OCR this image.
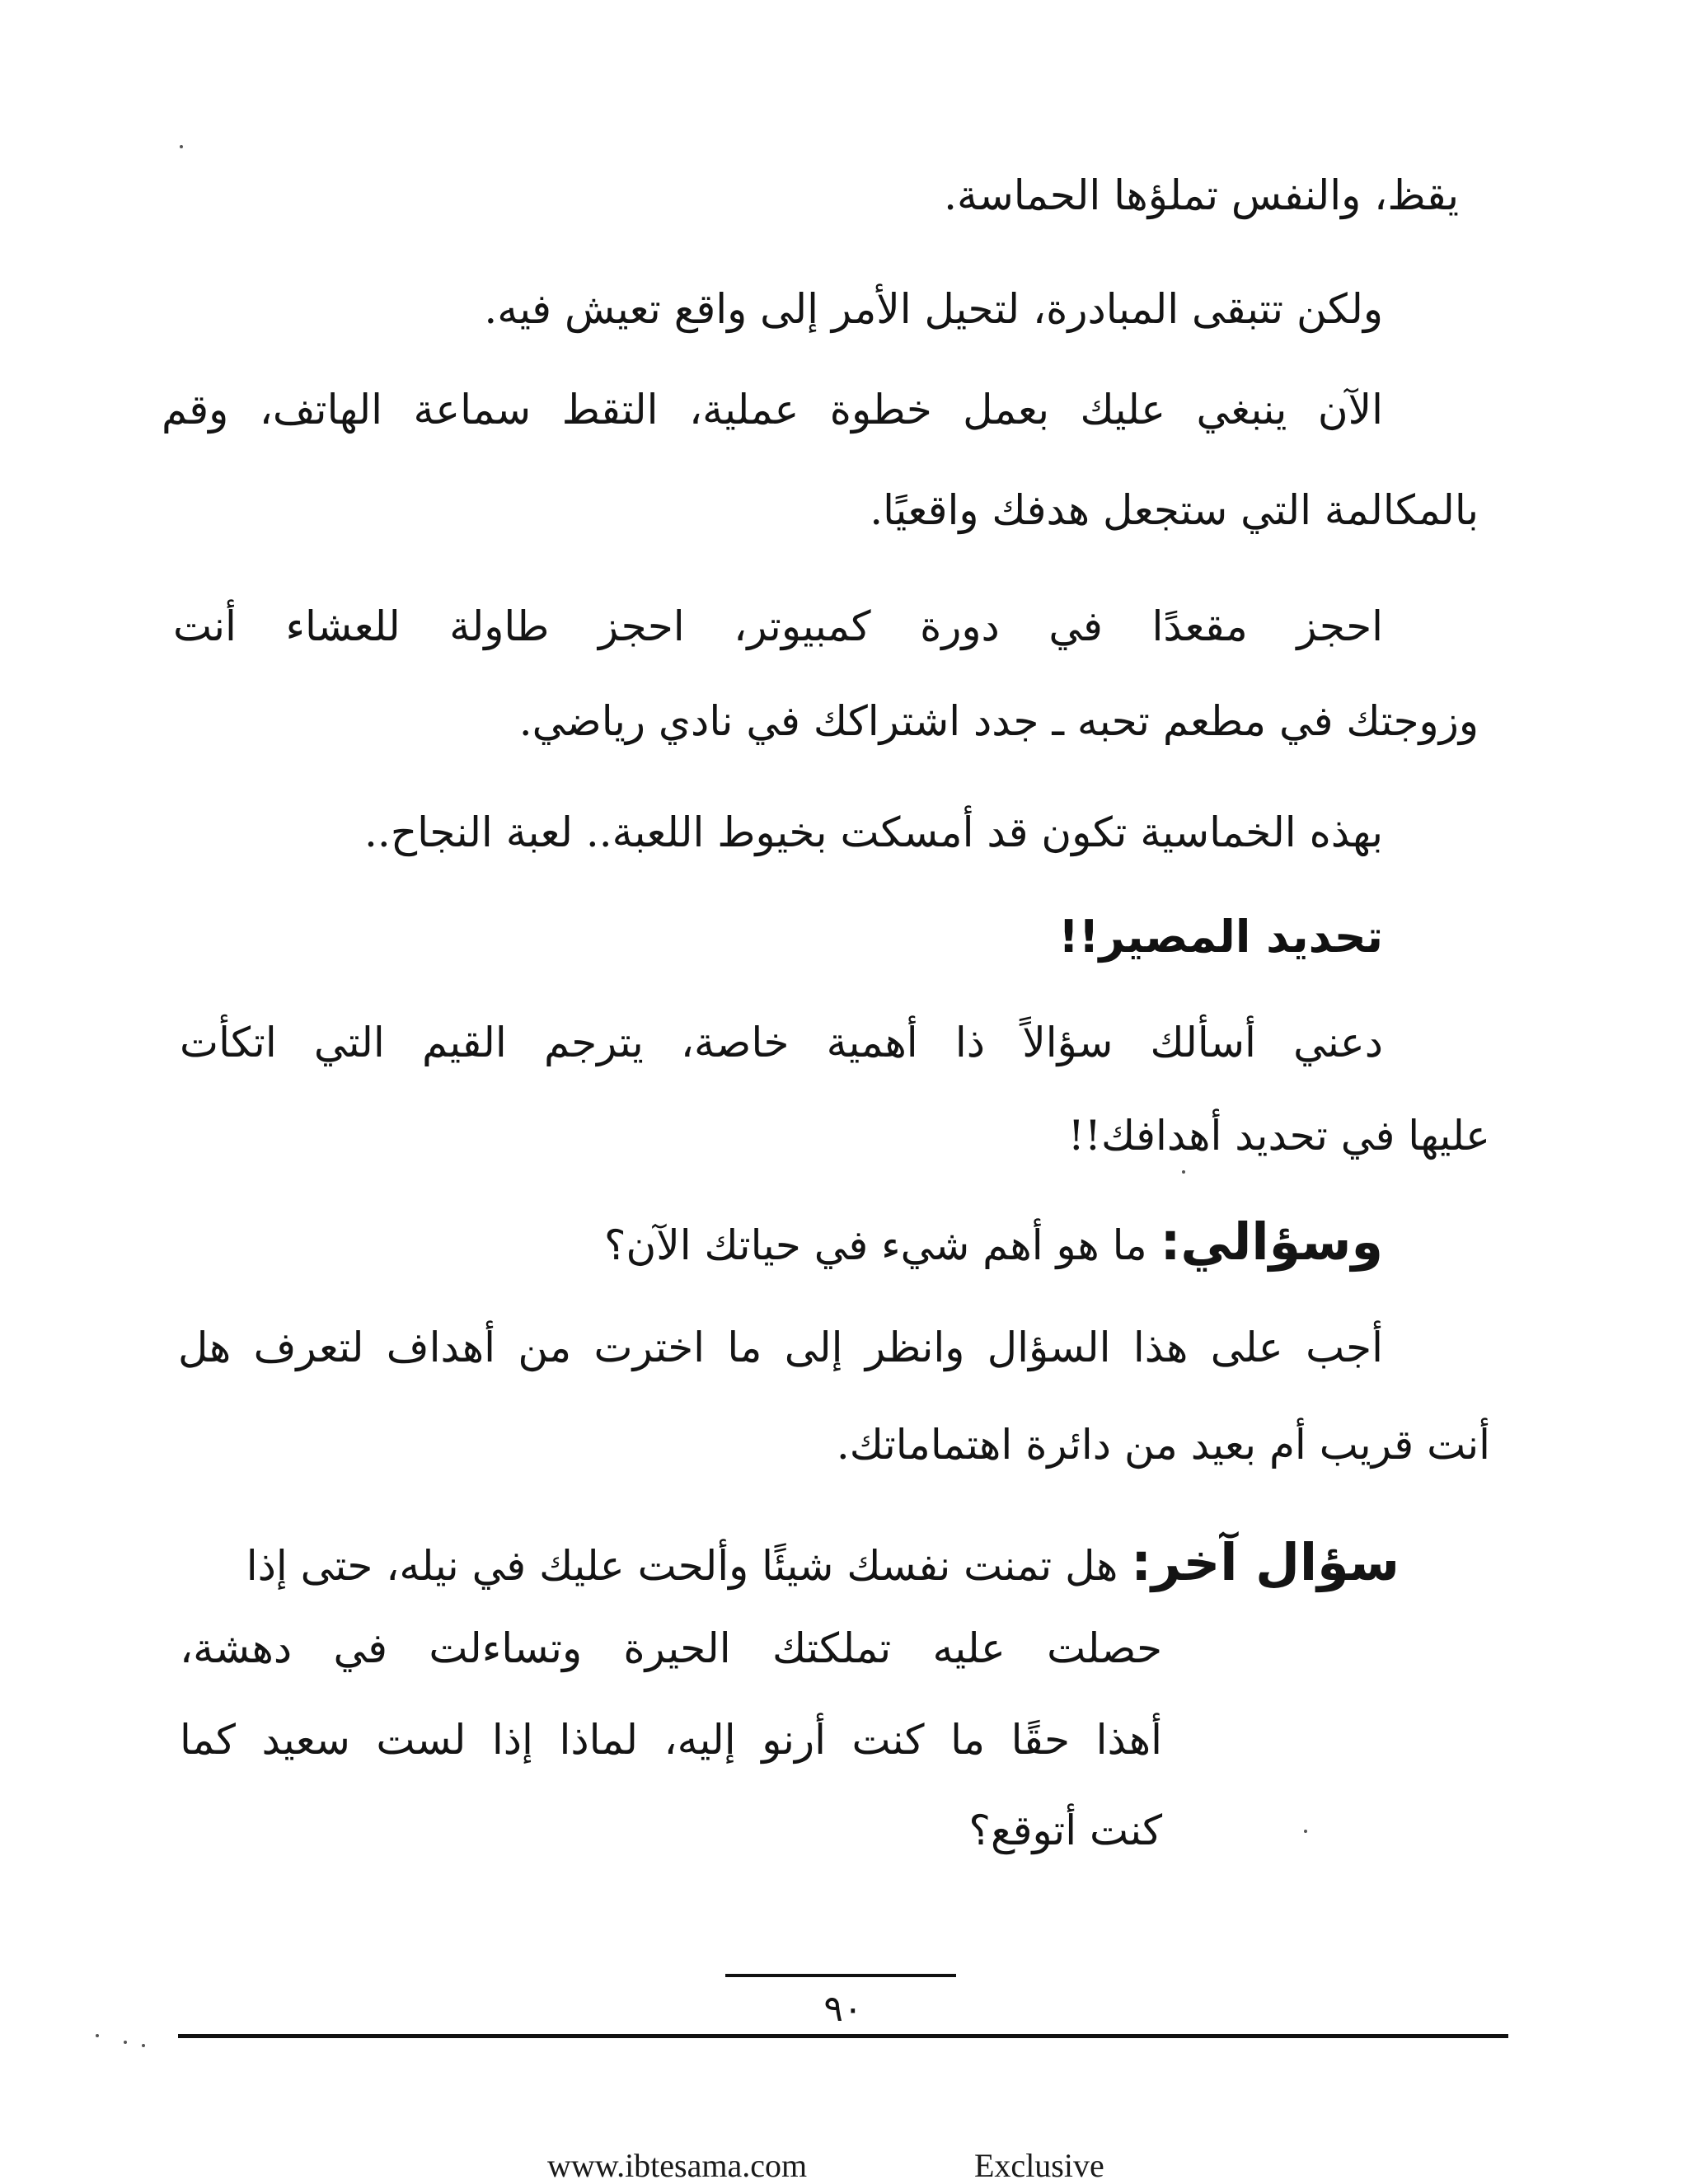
يقظ، والنفس تملؤها الحماسة.
ولكن تتبقى المبادرة، لتحيل الأمر إلى واقع تعيش فيه.
الآن ينبغي عليك بعمل خطوة عملية، التقط سماعة الهاتف، وقم
بالمكالمة التي ستجعل هدفك واقعيًا.
احجز مقعدًا في دورة كمبيوتر، احجز طاولة للعشاء أنت
وزوجتك في مطعم تحبه ـ جدد اشتراكك في نادي رياضي.
بهذه الخماسية تكون قد أمسكت بخيوط اللعبة.. لعبة النجاح..
تحديد المصير!!
دعني أسألك سؤالاً ذا أهمية خاصة، يترجم القيم التي اتكأت
عليها في تحديد أهدافك!!
وسؤالي: ما هو أهم شيء في حياتك الآن؟
أجب على هذا السؤال وانظر إلى ما اخترت من أهداف لتعرف هل
أنت قريب أم بعيد من دائرة اهتماماتك.
سؤال آخر: هل تمنت نفسك شيئًا وألحت عليك في نيله، حتى إذا
حصلت عليه تملكتك الحيرة وتساءلت في دهشة،
أهذا حقًا ما كنت أرنو إليه، لماذا إذا لست سعيد كما
كنت أتوقع؟
٩٠
www.ibtesama.com	Exclusive
